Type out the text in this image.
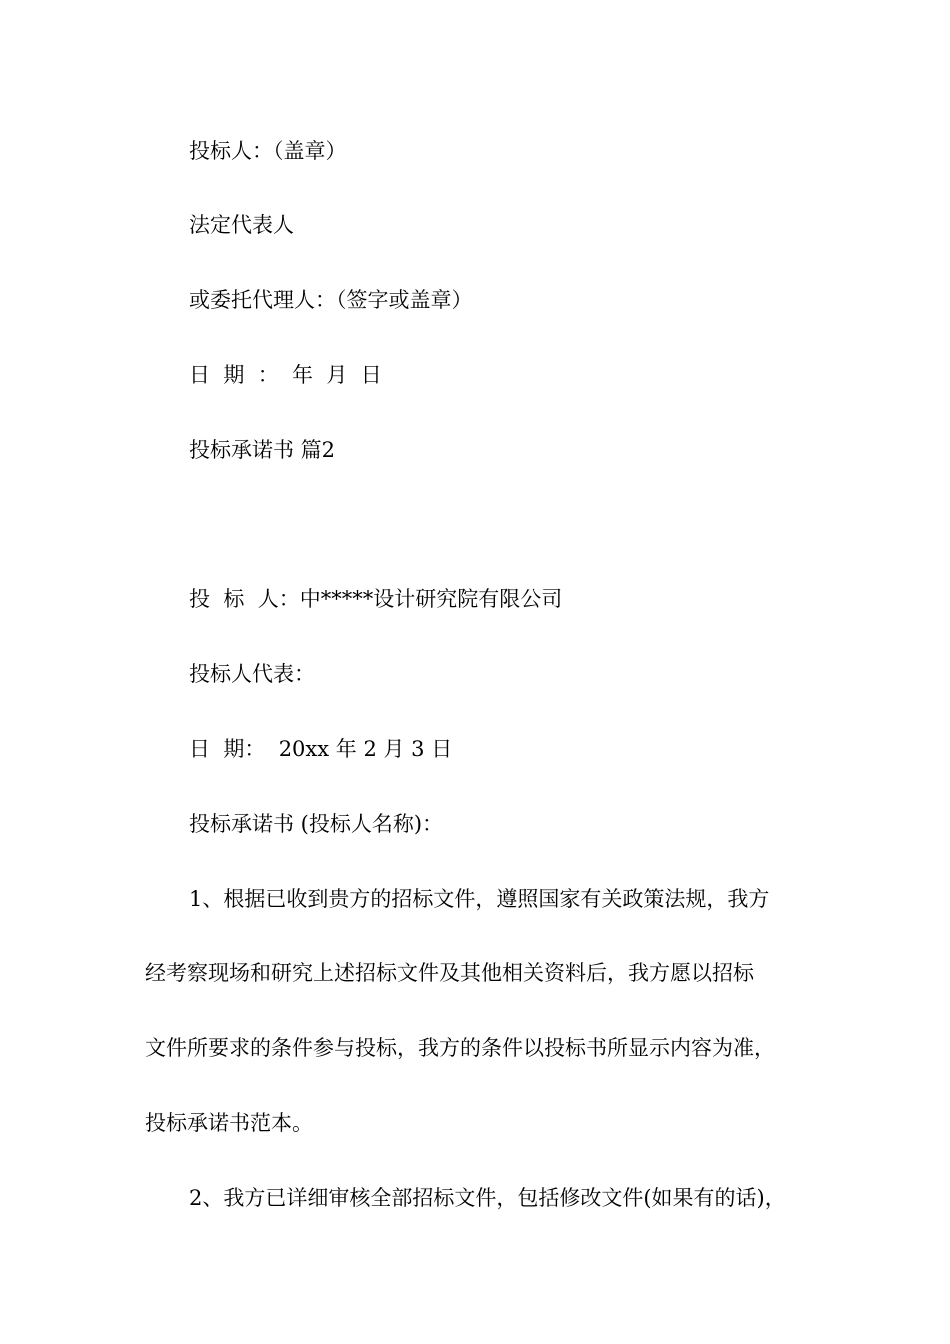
投标人：（盖章）

法定代表人

或委托代理人：（签字或盖章）

日  期  ：  年  月  日

投标承诺书 篇2

投  标  人：中*****设计研究院有限公司

投标人代表：

日  期：  20xx 年 2 月 3 日

投标承诺书 (投标人名称)：

1、根据已收到贵方的招标文件，遵照国家有关政策法规，我方

经考察现场和研究上述招标文件及其他相关资料后，我方愿以招标

文件所要求的条件参与投标，我方的条件以投标书所显示内容为准，

投标承诺书范本。

2、我方已详细审核全部招标文件，包括修改文件(如果有的话)，
